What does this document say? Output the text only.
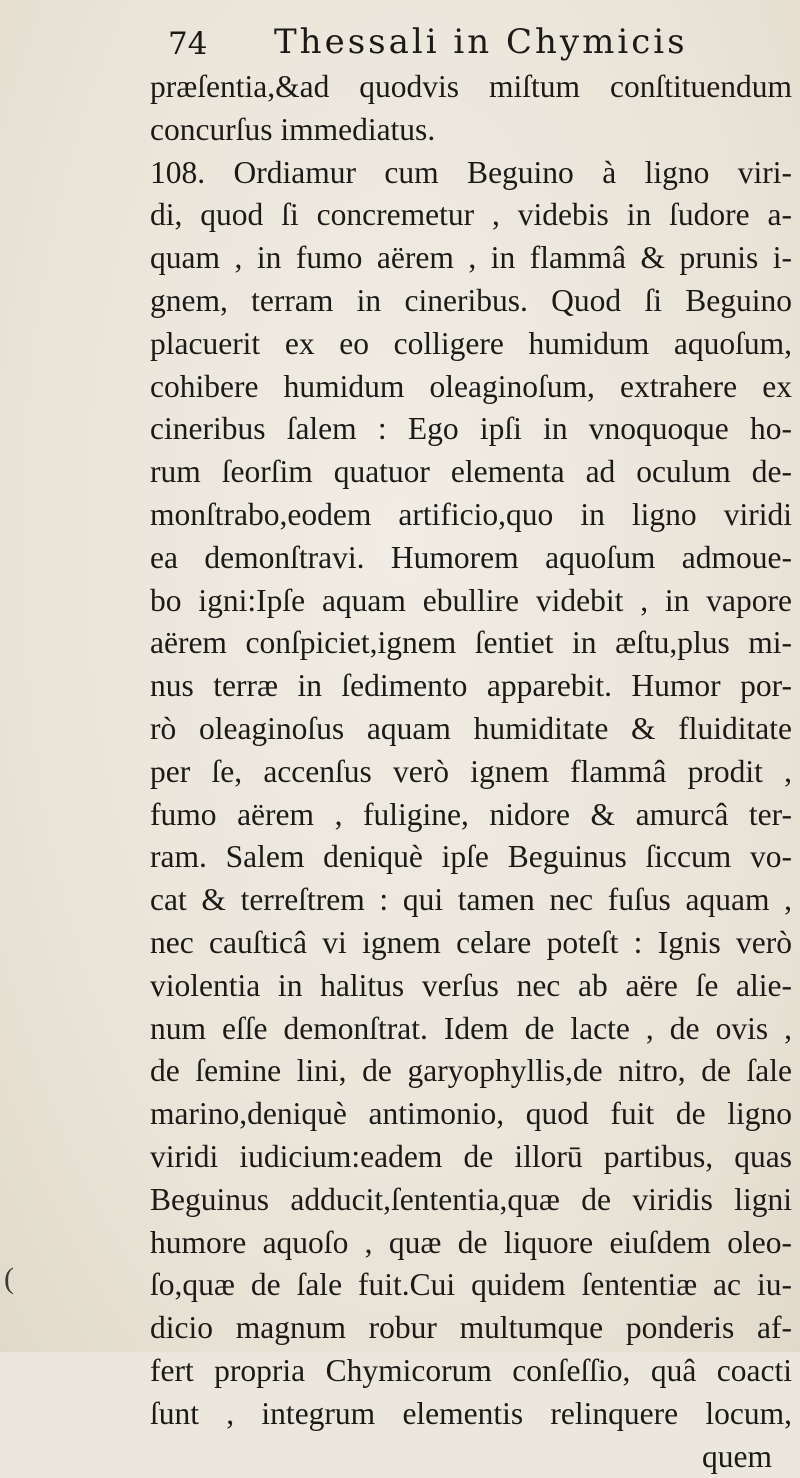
74 Thessali in Chymicis
præſentia,&ad quodvis miſtum conſtituendum
concurſus immediatus.
108. Ordiamur cum Beguino à ligno viri-
di, quod ſi concremetur , videbis in ſudore a-
quam , in fumo aërem , in flammâ & prunis i-
gnem, terram in cineribus. Quod ſi Beguino
placuerit ex eo colligere humidum aquoſum,
cohibere humidum oleaginoſum, extrahere ex
cineribus ſalem : Ego ipſi in vnoquoque ho-
rum ſeorſim quatuor elementa ad oculum de-
monſtrabo,eodem artificio,quo in ligno viridi
ea demonſtravi. Humorem aquoſum admoue-
bo igni:Ipſe aquam ebullire videbit , in vapore
aërem conſpiciet,ignem ſentiet in æſtu,plus mi-
nus terræ in ſedimento apparebit. Humor por-
rò oleaginoſus aquam humiditate & fluiditate
per ſe, accenſus verò ignem flammâ prodit ,
fumo aërem , fuligine, nidore & amurcâ ter-
ram. Salem deniquè ipſe Beguinus ſiccum vo-
cat & terreſtrem : qui tamen nec fuſus aquam ,
nec cauſticâ vi ignem celare poteſt : Ignis verò
violentia in halitus verſus nec ab aëre ſe alie-
num eſſe demonſtrat. Idem de lacte , de ovis ,
de ſemine lini, de garyophyllis,de nitro, de ſale
marino,deniquè antimonio, quod fuit de ligno
viridi iudicium:eadem de illorū partibus, quas
Beguinus adducit,ſententia,quæ de viridis ligni
humore aquoſo , quæ de liquore eiuſdem oleo-
ſo,quæ de ſale fuit.Cui quidem ſententiæ ac iu-
dicio magnum robur multumque ponderis af-
fert propria Chymicorum conſeſſio, quâ coacti
ſunt , integrum elementis relinquere locum,
quem
(
